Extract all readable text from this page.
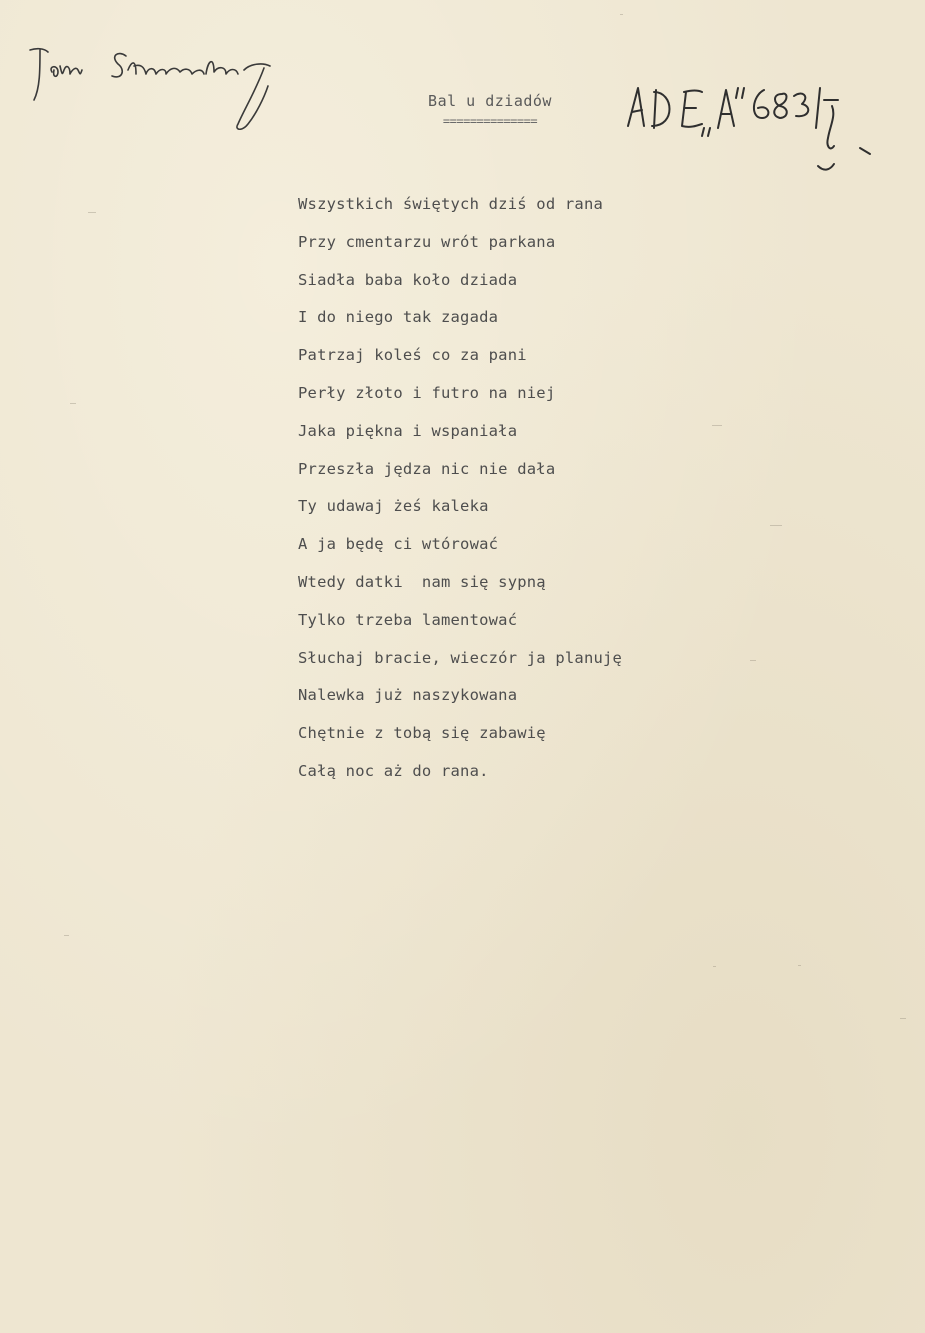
Bal u dziadów
==============
Wszystkich świętych dziś od rana
Przy cmentarzu wrót parkana
Siadła baba koło dziada
I do niego tak zagada
Patrzaj koleś co za pani
Perły złoto i futro na niej
Jaka piękna i wspaniała
Przeszła jędza nic nie dała
Ty udawaj żeś kaleka
A ja będę ci wtórować
Wtedy datki  nam się sypną
Tylko trzeba lamentować
Słuchaj bracie, wieczór ja planuję
Nalewka już naszykowana
Chętnie z tobą się zabawię
Całą noc aż do rana.
